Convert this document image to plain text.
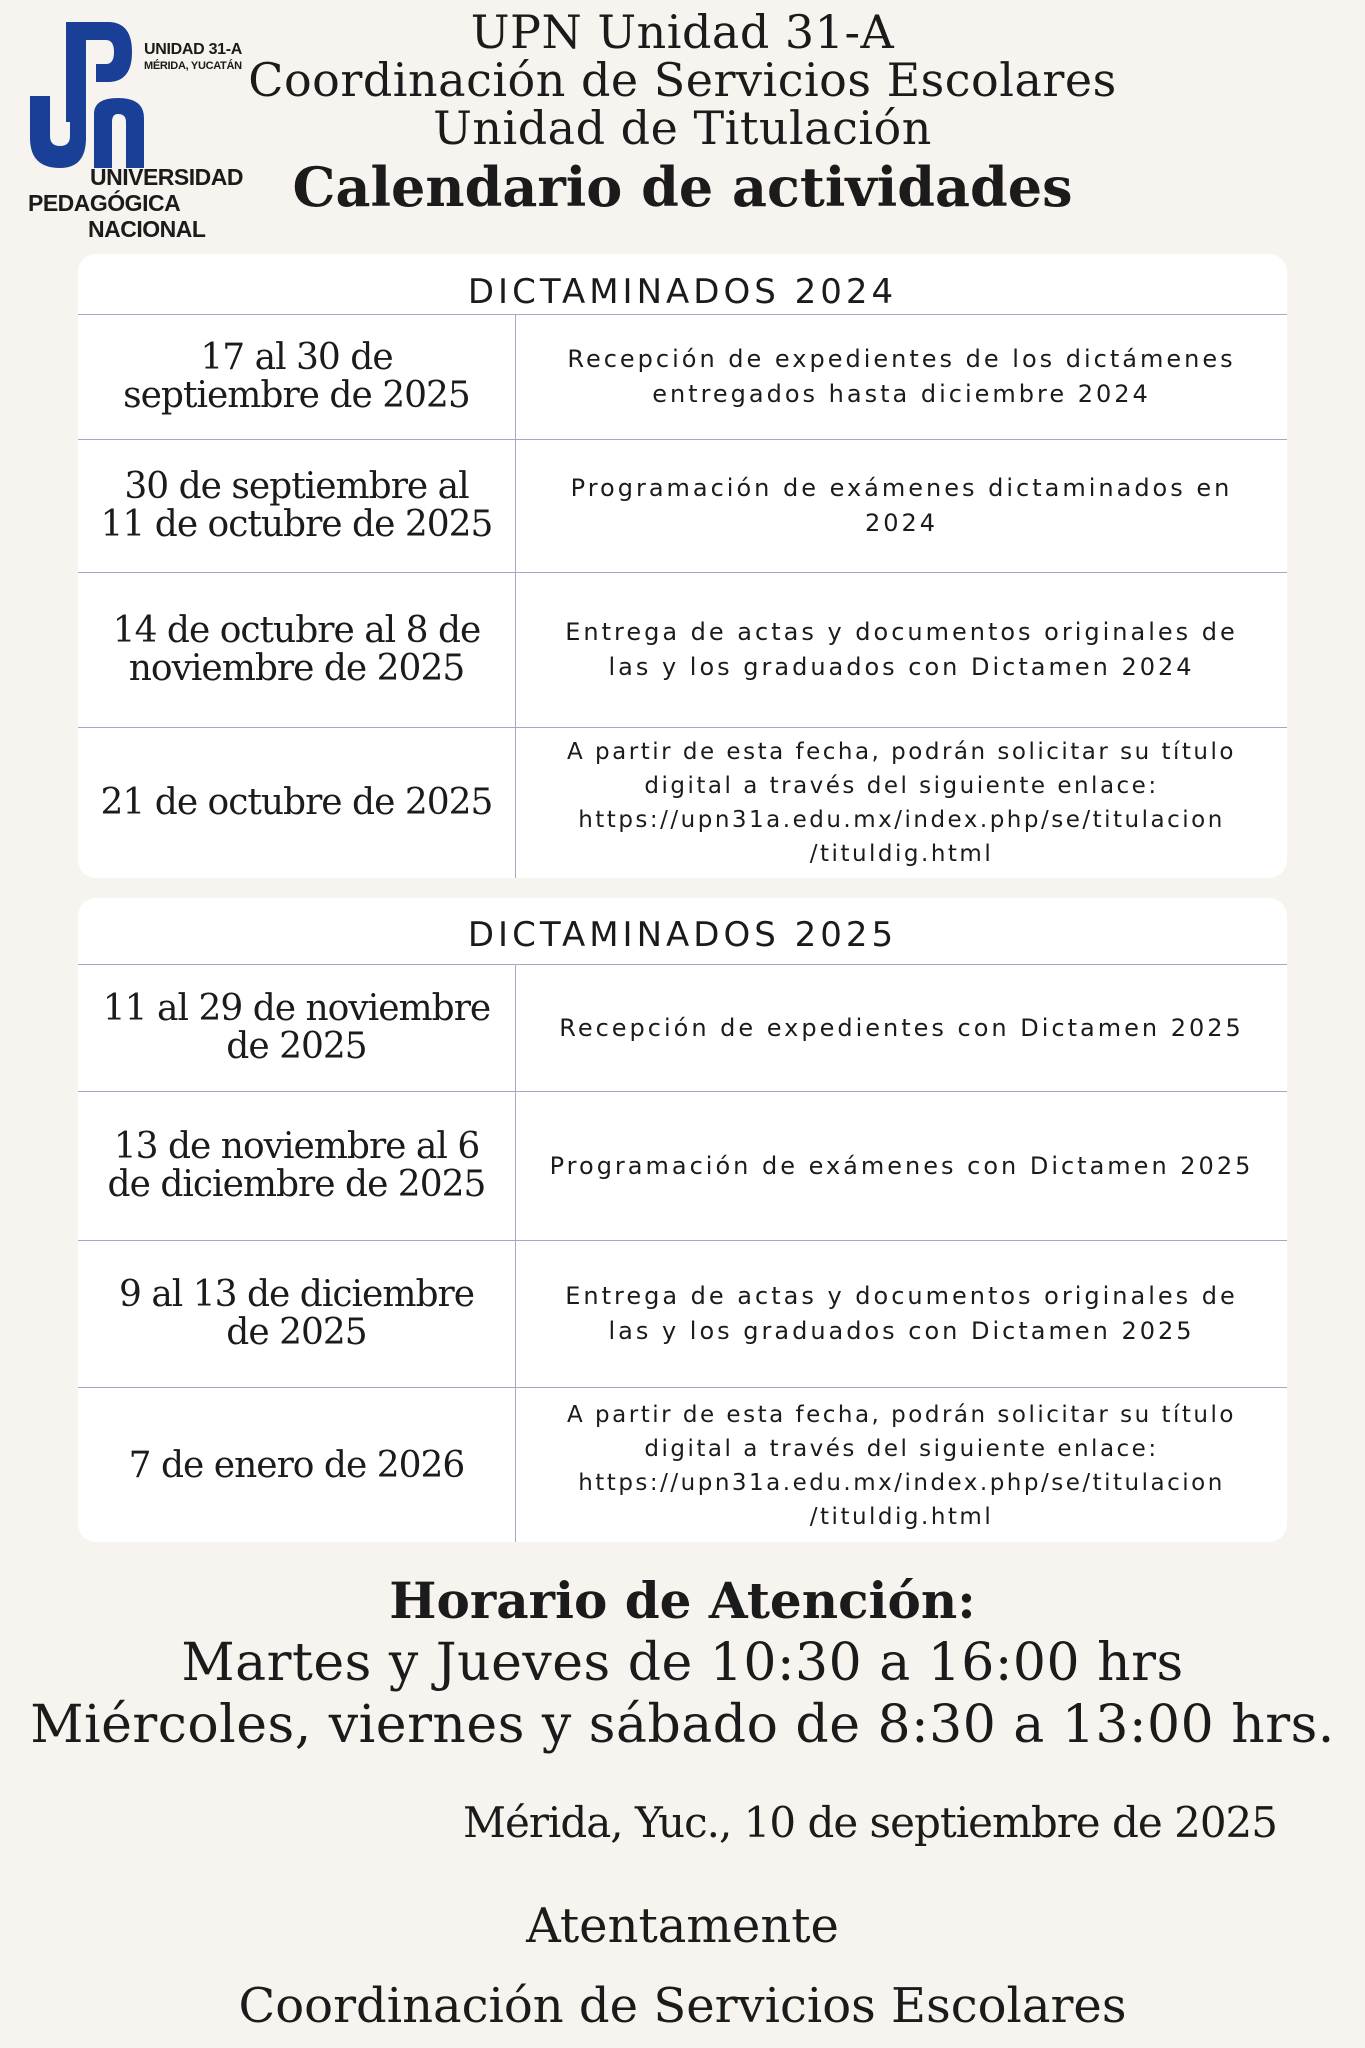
UNIDAD 31-A
MÉRIDA, YUCATÁN
UNIVERSIDAD
PEDAGÓGICA
NACIONAL
UPN Unidad 31-A
Coordinación de Servicios Escolares
Unidad de Titulación
Calendario de actividades
DICTAMINADOS 2024
17 al 30 de septiembre de 2025
Recepción de expedientes de los dictámenes entregados hasta diciembre 2024
30 de septiembre al 11 de octubre de 2025
Programación de exámenes dictaminados en 2024
14 de octubre al 8 de noviembre de 2025
Entrega de actas y documentos originales de las y los graduados con Dictamen 2024
21 de octubre de 2025
A partir de esta fecha, podrán solicitar su título digital a través del siguiente enlace: https://upn31a.edu.mx/index.php/se/titulacion /tituldig.html
DICTAMINADOS 2025
11 al 29 de noviembre de 2025	Recepción de expedientes con Dictamen 2025
13 de noviembre al 6 de diciembre de 2025	Programación de exámenes con Dictamen 2025
9 al 13 de diciembre de 2025
Entrega de actas y documentos originales de las y los graduados con Dictamen 2025
7 de enero de 2026
A partir de esta fecha, podrán solicitar su título digital a través del siguiente enlace: https://upn31a.edu.mx/index.php/se/titulacion /tituldig.html
Horario de Atención:
Martes y Jueves de 10:30 a 16:00 hrs
Miércoles, viernes y sábado de 8:30 a 13:00 hrs.
Mérida, Yuc., 10 de septiembre de 2025
Atentamente
Coordinación de Servicios Escolares
